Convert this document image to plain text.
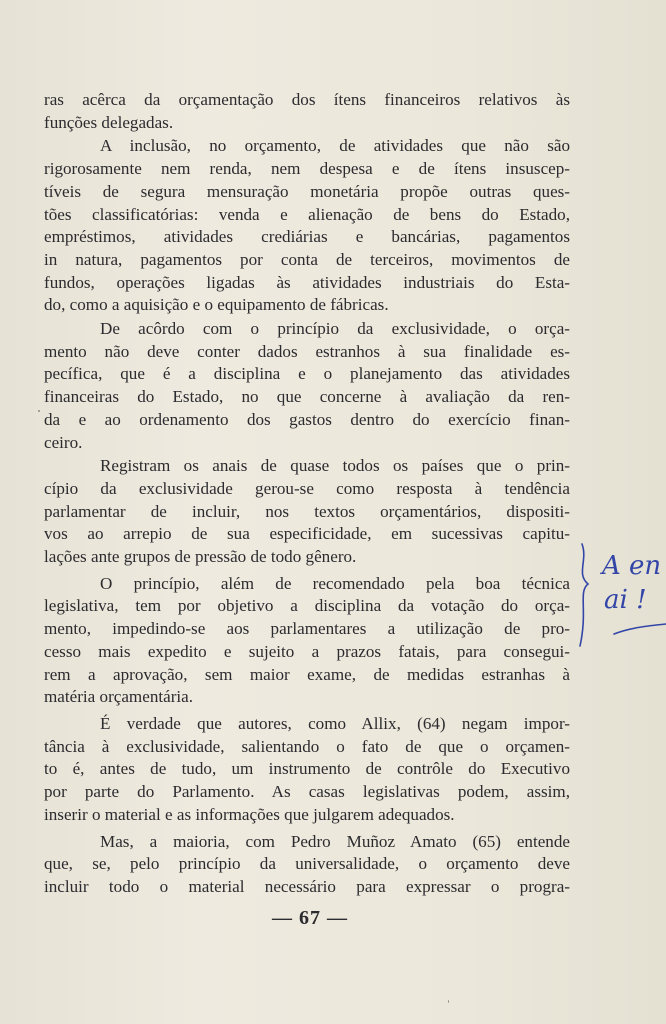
ras acêrca da orçamentação dos ítens financeiros relativos às
funções delegadas.

A inclusão, no orçamento, de atividades que não são
rigorosamente nem renda, nem despesa e de ítens insuscep-
tíveis de segura mensuração monetária propõe outras ques-
tões classificatórias: venda e alienação de bens do Estado,
empréstimos, atividades crediárias e bancárias, pagamentos
in natura, pagamentos por conta de terceiros, movimentos de
fundos, operações ligadas às atividades industriais do Esta-
do, como a aquisição e o equipamento de fábricas.

De acôrdo com o princípio da exclusividade, o orça-
mento não deve conter dados estranhos à sua finalidade es-
pecífica, que é a disciplina e o planejamento das atividades
financeiras do Estado, no que concerne à avaliação da ren-
da e ao ordenamento dos gastos dentro do exercício finan-
ceiro.

Registram os anais de quase todos os países que o prin-
cípio da exclusividade gerou-se como resposta à tendência
parlamentar de incluir, nos textos orçamentários, dispositi-
vos ao arrepio de sua especificidade, em sucessivas capitu-
lações ante grupos de pressão de todo gênero.

O princípio, além de recomendado pela boa técnica
legislativa, tem por objetivo a disciplina da votação do orça-
mento, impedindo-se aos parlamentares a utilização de pro-
cesso mais expedito e sujeito a prazos fatais, para consegui-
rem a aprovação, sem maior exame, de medidas estranhas à
matéria orçamentária.

É verdade que autores, como Allix, (64) negam impor-
tância à exclusividade, salientando o fato de que o orçamen-
to é, antes de tudo, um instrumento de contrôle do Executivo
por parte do Parlamento. As casas legislativas podem, assim,
inserir o material e as informações que julgarem adequados.

Mas, a maioria, com Pedro Muñoz Amato (65) entende
que, se, pelo princípio da universalidade, o orçamento deve
incluir todo o material necessário para expressar o progra-

— 67 —
A en
ai !
